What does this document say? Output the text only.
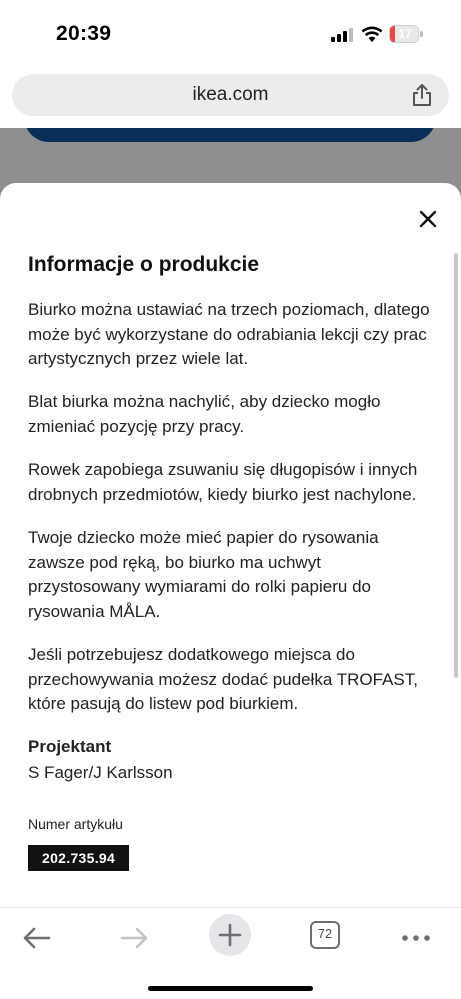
20:39	17
ikea.com
Informacje o produkcie

Biurko można ustawiać na trzech poziomach, dlatego może być wykorzystane do odrabiania lekcji czy prac artystycznych przez wiele lat.

Blat biurka można nachylić, aby dziecko mogło zmieniać pozycję przy pracy.

Rowek zapobiega zsuwaniu się długopisów i innych drobnych przedmiotów, kiedy biurko jest nachylone.

Twoje dziecko może mieć papier do rysowania zawsze pod ręką, bo biurko ma uchwyt przystosowany wymiarami do rolki papieru do rysowania MÅLA.

Jeśli potrzebujesz dodatkowego miejsca do przechowywania możesz dodać pudełka TROFAST, które pasują do listew pod biurkiem.

Projektant
S Fager/J Karlsson
Numer artykułu
202.735.94
72
